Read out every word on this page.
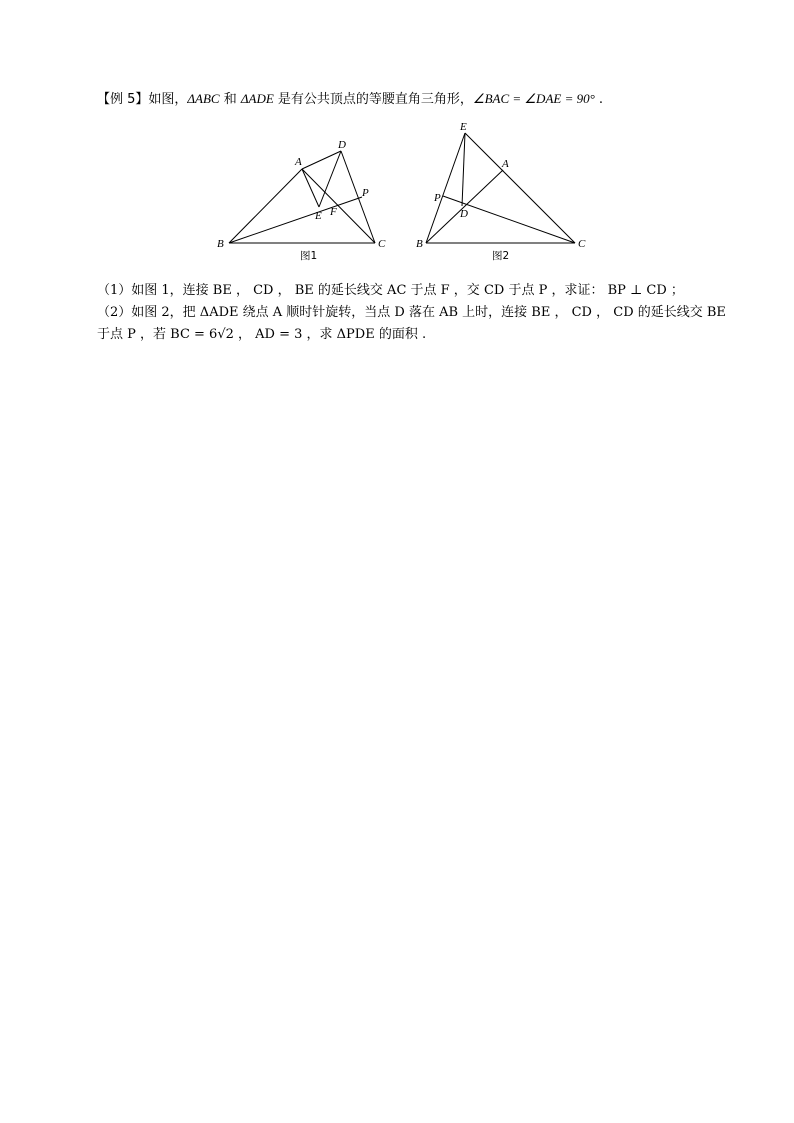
【例 5】如图，ΔABC 和 ΔADE 是有公共顶点的等腰直角三角形，∠BAC = ∠DAE = 90° .
A
B	C
D
E F
P
图1
E
A
P
D
B	C
图2
（1）如图 1，连接 BE ， CD ， BE 的延长线交 AC 于点 F ，交 CD 于点 P ，求证： BP ⊥ CD ；
（2）如图 2，把 ΔADE 绕点 A 顺时针旋转，当点 D 落在 AB 上时，连接 BE ， CD ， CD 的延长线交 BE
于点 P ，若 BC = 6√2 ， AD = 3 ，求 ΔPDE 的面积 .
